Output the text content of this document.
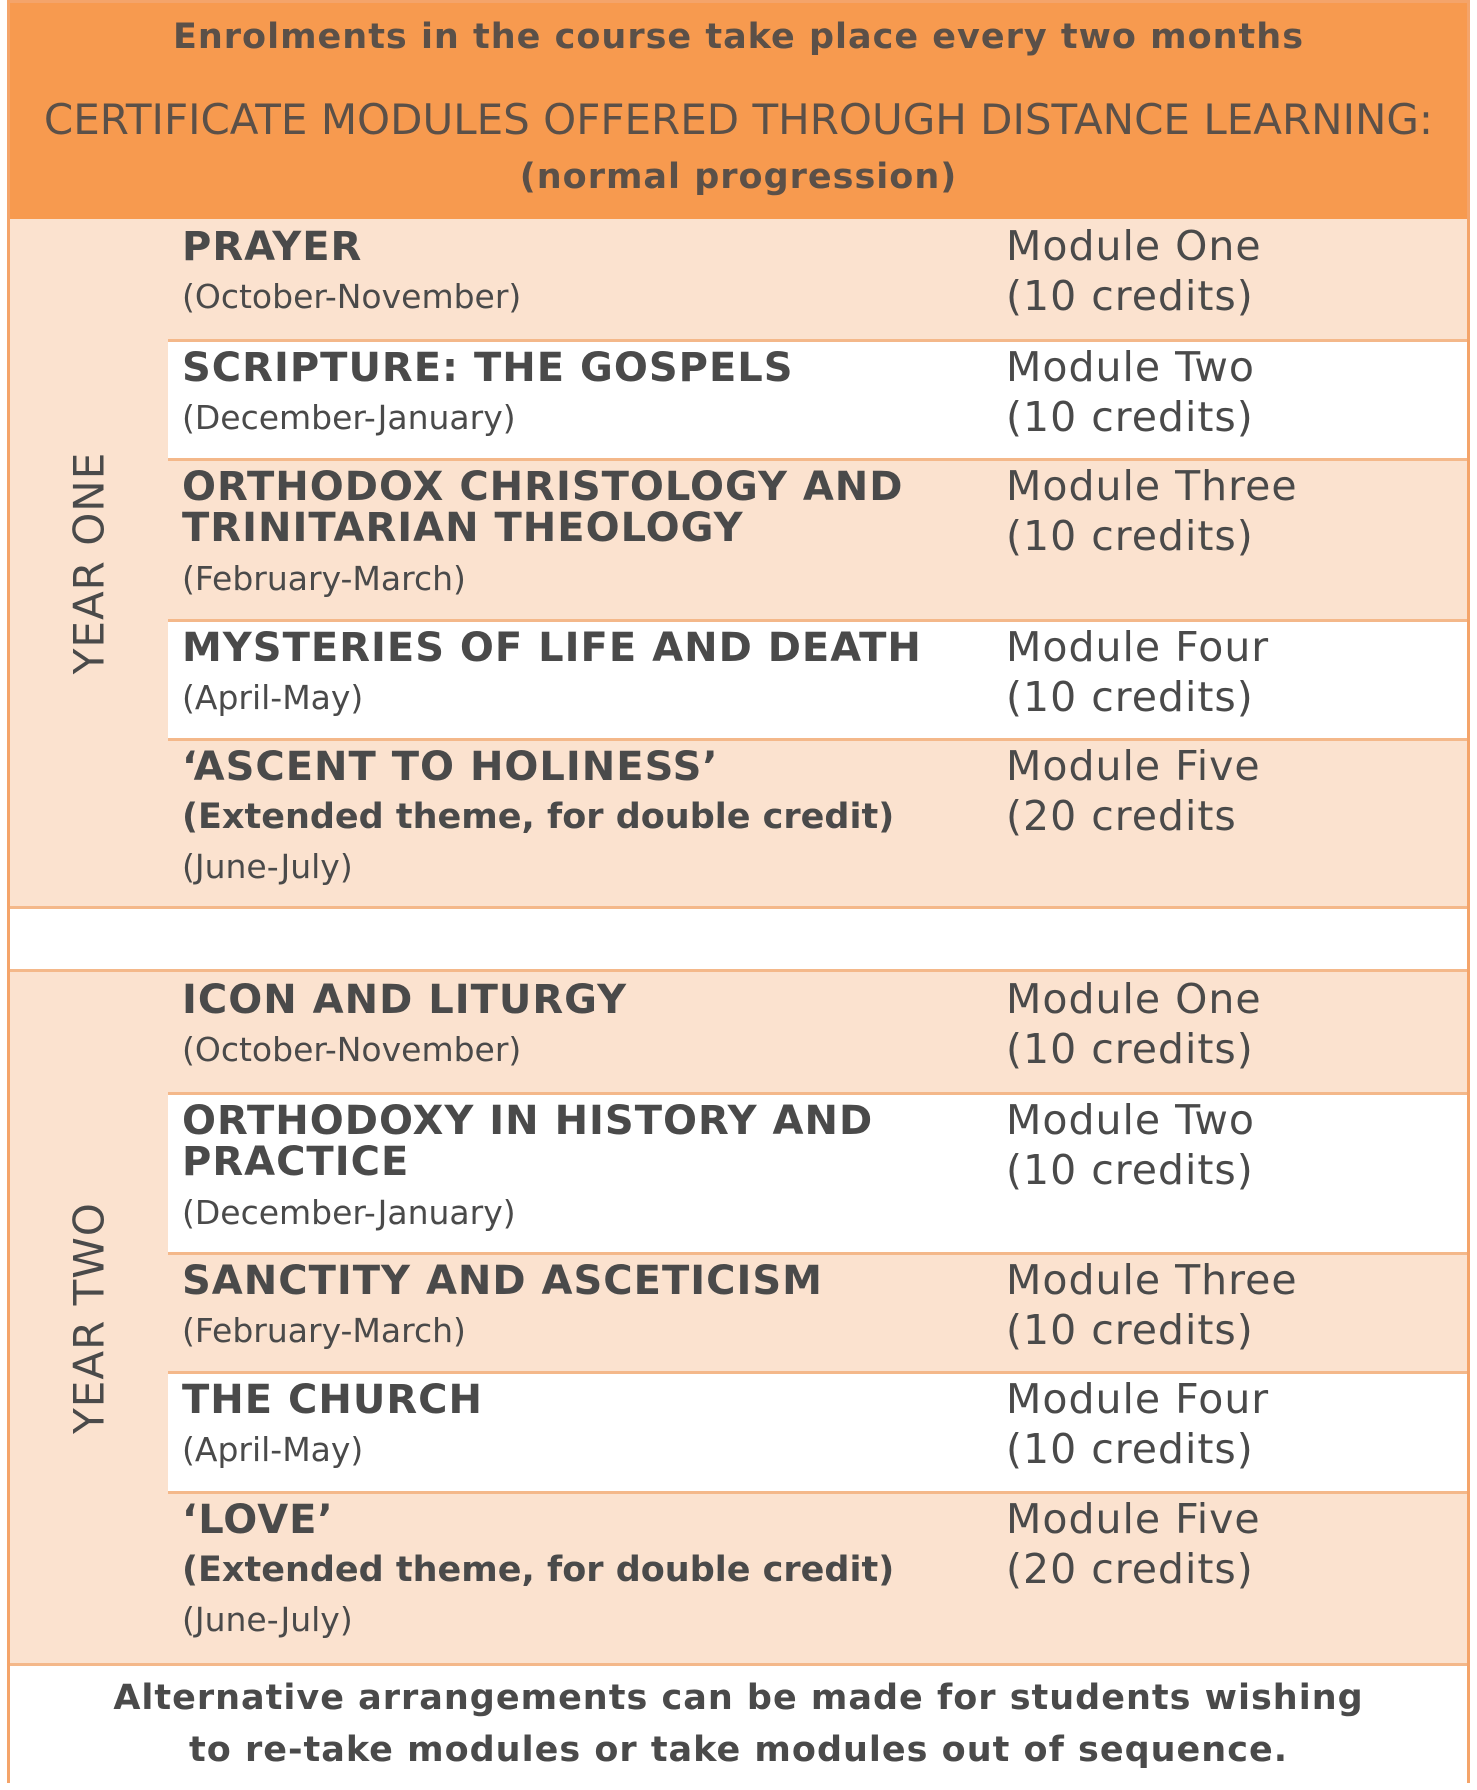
Enrolments in the course take place every two months
CERTIFICATE MODULES OFFERED THROUGH DISTANCE LEARNING:
(normal progression)
YEAR ONE
PRAYER
(October-November)
Module One
(10 credits)
SCRIPTURE: THE GOSPELS
(December-January)
Module Two
(10 credits)
ORTHODOX CHRISTOLOGY AND TRINITARIAN THEOLOGY
(February-March)
Module Three
(10 credits)
MYSTERIES OF LIFE AND DEATH
(April-May)
Module Four
(10 credits)
‘ASCENT TO HOLINESS’
(Extended theme, for double credit)
(June-July)
Module Five
(20 credits
YEAR TWO
ICON AND LITURGY
(October-November)
Module One
(10 credits)
ORTHODOXY IN HISTORY AND PRACTICE
(December-January)
Module Two
(10 credits)
SANCTITY AND ASCETICISM
(February-March)
Module Three
(10 credits)
THE CHURCH
(April-May)
Module Four
(10 credits)
‘LOVE’
(Extended theme, for double credit)
(June-July)
Module Five
(20 credits)
Alternative arrangements can be made for students wishing
to re-take modules or take modules out of sequence.
